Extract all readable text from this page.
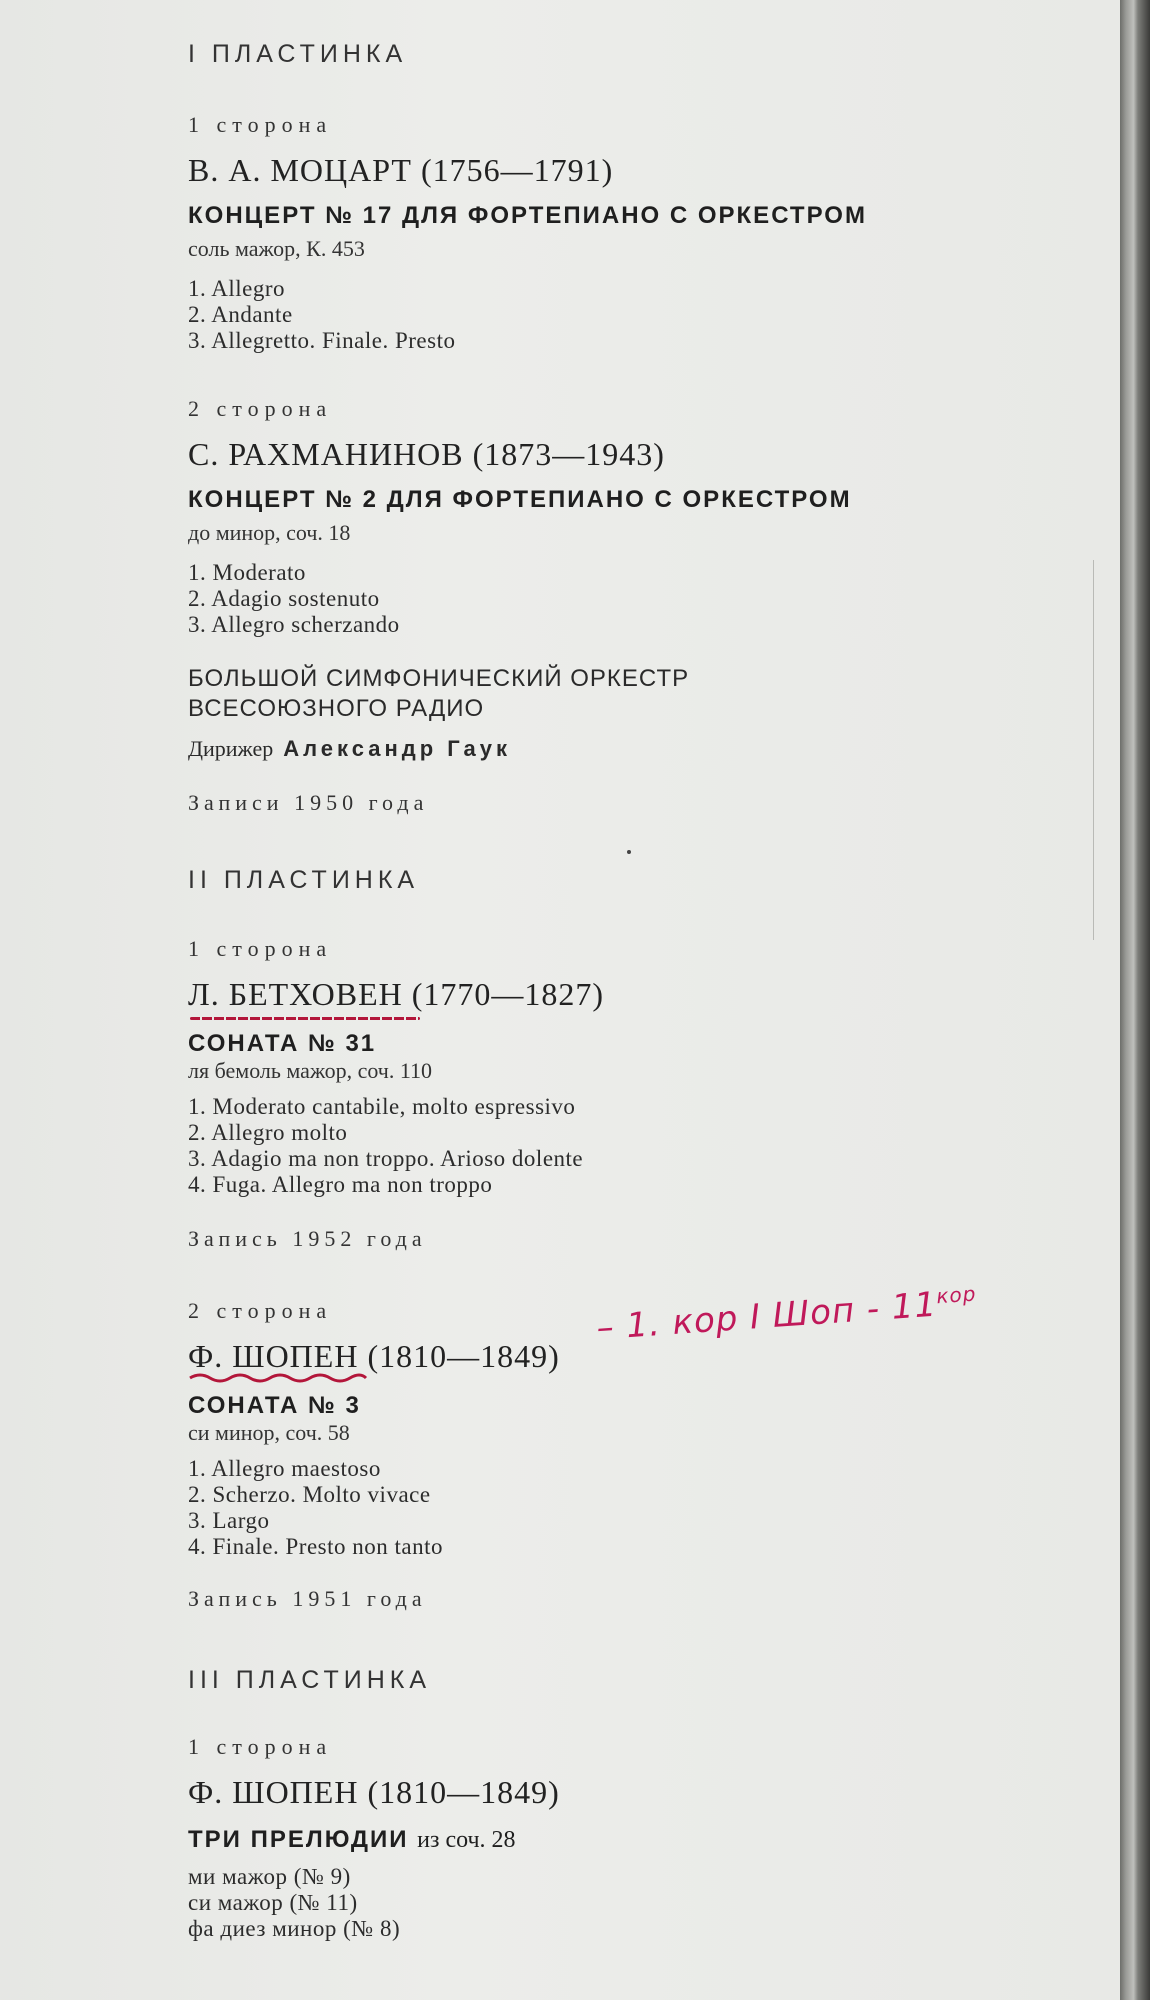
I ПЛАСТИНКА
1 сторона
В. А. МОЦАРТ (1756—1791)
КОНЦЕРТ № 17 ДЛЯ ФОРТЕПИАНО С ОРКЕСТРОМ
соль мажор, К. 453
1. Allegro
2. Andante
3. Allegretto. Finale. Presto
2 сторона
С. РАХМАНИНОВ (1873—1943)
КОНЦЕРТ № 2 ДЛЯ ФОРТЕПИАНО С ОРКЕСТРОМ
до минор, соч. 18
1. Moderato
2. Adagio sostenuto
3. Allegro scherzando
БОЛЬШОЙ СИМФОНИЧЕСКИЙ ОРКЕСТР
ВСЕСОЮЗНОГО РАДИО
Дирижер Александр Гаук
Записи 1950 года
II ПЛАСТИНКА
1 сторона
Л. БЕТХОВЕН (1770—1827)
СОНАТА № 31
ля бемоль мажор, соч. 110
1. Moderato cantabile, molto espressivo
2. Allegro molto
3. Adagio ma non troppo. Arioso dolente
4. Fuga. Allegro ma non troppo
Запись 1952 года
2 сторона
Ф. ШОПЕН (1810—1849)
– 1. кор I Шоп - $11^{кор}$
СОНАТА № 3
си минор, соч. 58
1. Allegro maestoso
2. Scherzo. Molto vivace
3. Largo
4. Finale. Presto non tanto
Запись 1951 года
III ПЛАСТИНКА
1 сторона
Ф. ШОПЕН (1810—1849)
ТРИ ПРЕЛЮДИИ из соч. 28
ми мажор (№ 9)
си мажор (№ 11)
фа диез минор (№ 8)
